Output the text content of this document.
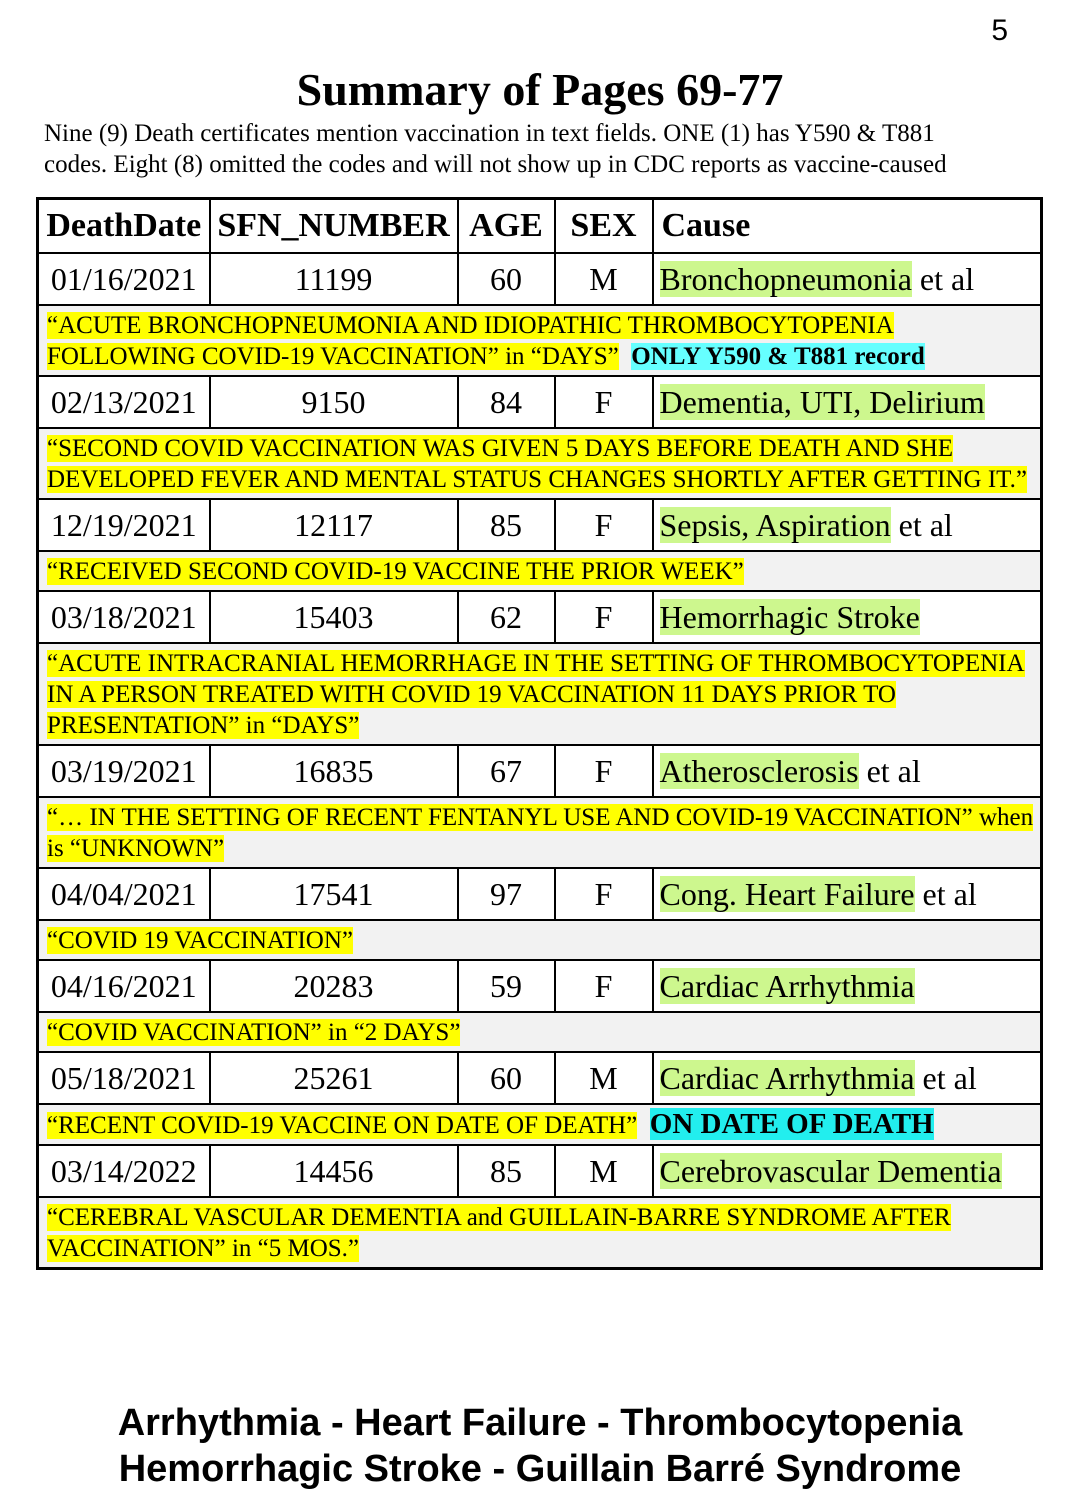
5
Summary of Pages 69-77
Nine (9) Death certificates mention vaccination in text fields. ONE (1) has Y590 & T881
codes. Eight (8) omitted the codes and will not show up in CDC reports as vaccine-caused
DeathDate	SFN_NUMBER	AGE	SEX	Cause
01/16/2021	11199	60	M	Bronchopneumonia et al
“ACUTE BRONCHOPNEUMONIA AND IDIOPATHIC THROMBOCYTOPENIA FOLLOWING COVID-19 VACCINATION” in “DAYS” ONLY Y590 & T881 record				
02/13/2021	9150	84	F	Dementia, UTI, Delirium
“SECOND COVID VACCINATION WAS GIVEN 5 DAYS BEFORE DEATH AND SHE DEVELOPED FEVER AND MENTAL STATUS CHANGES SHORTLY AFTER GETTING IT.”				
12/19/2021	12117	85	F	Sepsis, Aspiration et al
“RECEIVED SECOND COVID-19 VACCINE THE PRIOR WEEK”				
03/18/2021	15403	62	F	Hemorrhagic Stroke
“ACUTE INTRACRANIAL HEMORRHAGE IN THE SETTING OF THROMBOCYTOPENIA IN A PERSON TREATED WITH COVID 19 VACCINATION 11 DAYS PRIOR TO PRESENTATION” in “DAYS”				
03/19/2021	16835	67	F	Atherosclerosis et al
“… IN THE SETTING OF RECENT FENTANYL USE AND COVID-19 VACCINATION” when is “UNKNOWN”				
04/04/2021	17541	97	F	Cong. Heart Failure et al
“COVID 19 VACCINATION”				
04/16/2021	20283	59	F	Cardiac Arrhythmia
“COVID VACCINATION” in “2 DAYS”				
05/18/2021	25261	60	M	Cardiac Arrhythmia et al
“RECENT COVID-19 VACCINE ON DATE OF DEATH” ON DATE OF DEATH				
03/14/2022	14456	85	M	Cerebrovascular Dementia
“CEREBRAL VASCULAR DEMENTIA and GUILLAIN-BARRE SYNDROME AFTER VACCINATION” in “5 MOS.”				
Arrhythmia - Heart Failure - Thrombocytopenia
Hemorrhagic Stroke - Guillain Barré Syndrome
